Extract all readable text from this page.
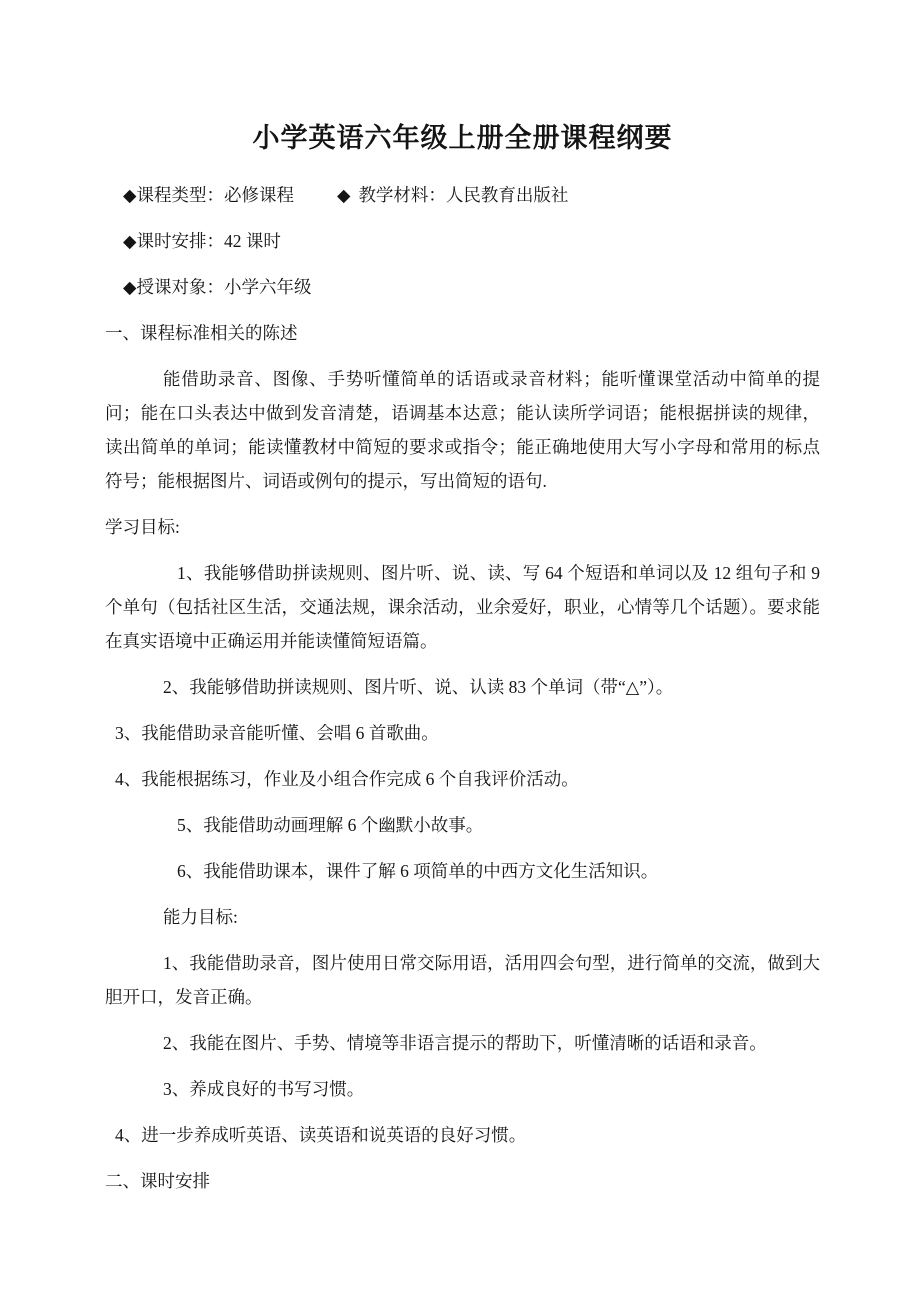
小学英语六年级上册全册课程纲要

◆课程类型：必修课程 ◆ 教学材料：人民教育出版社

◆课时安排：42 课时

◆授课对象：小学六年级

一、课程标准相关的陈述

能借助录音、图像、手势听懂简单的话语或录音材料；能听懂课堂活动中简单的提问；能在口头表达中做到发音清楚，语调基本达意；能认读所学词语；能根据拼读的规律，读出简单的单词；能读懂教材中简短的要求或指令；能正确地使用大写小字母和常用的标点符号；能根据图片、词语或例句的提示，写出简短的语句.

学习目标:

1、我能够借助拼读规则、图片听、说、读、写 64 个短语和单词以及 12 组句子和 9 个单句（包括社区生活，交通法规，课余活动，业余爱好，职业，心情等几个话题）。要求能在真实语境中正确运用并能读懂简短语篇。

2、我能够借助拼读规则、图片听、说、认读 83 个单词（带“△”）。

3、我能借助录音能听懂、会唱 6 首歌曲。

4、我能根据练习，作业及小组合作完成 6 个自我评价活动。

5、我能借助动画理解 6 个幽默小故事。

6、我能借助课本，课件了解 6 项简单的中西方文化生活知识。

能力目标:

1、我能借助录音，图片使用日常交际用语，活用四会句型，进行简单的交流，做到大胆开口，发音正确。

2、我能在图片、手势、情境等非语言提示的帮助下，听懂清晰的话语和录音。

3、养成良好的书写习惯。

4、进一步养成听英语、读英语和说英语的良好习惯。

二、课时安排
